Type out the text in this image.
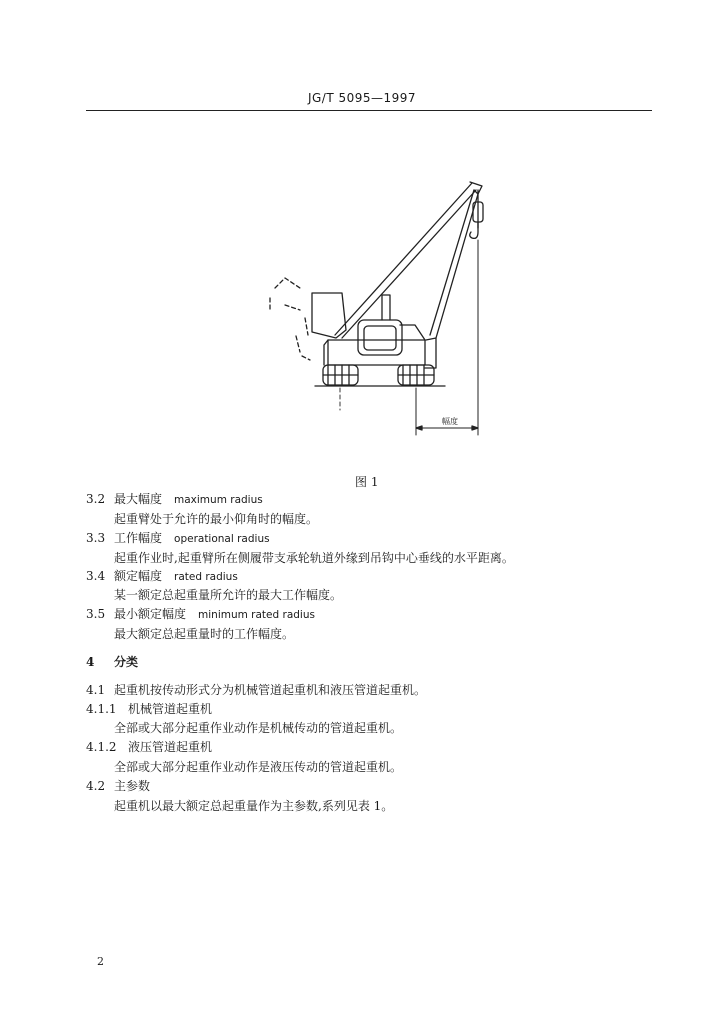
JG/T 5095—1997
幅度
图 1
3.2 最大幅度 maximum radius
起重臂处于允许的最小仰角时的幅度。
3.3 工作幅度 operational radius
起重作业时,起重臂所在侧履带支承轮轨道外缘到吊钩中心垂线的水平距离。
3.4 额定幅度 rated radius
某一额定总起重量所允许的最大工作幅度。
3.5 最小额定幅度 minimum rated radius
最大额定总起重量时的工作幅度。
4 分类
4.1 起重机按传动形式分为机械管道起重机和液压管道起重机。
4.1.1 机械管道起重机
全部或大部分起重作业动作是机械传动的管道起重机。
4.1.2 液压管道起重机
全部或大部分起重作业动作是液压传动的管道起重机。
4.2 主参数
起重机以最大额定总起重量作为主参数,系列见表 1。
2
